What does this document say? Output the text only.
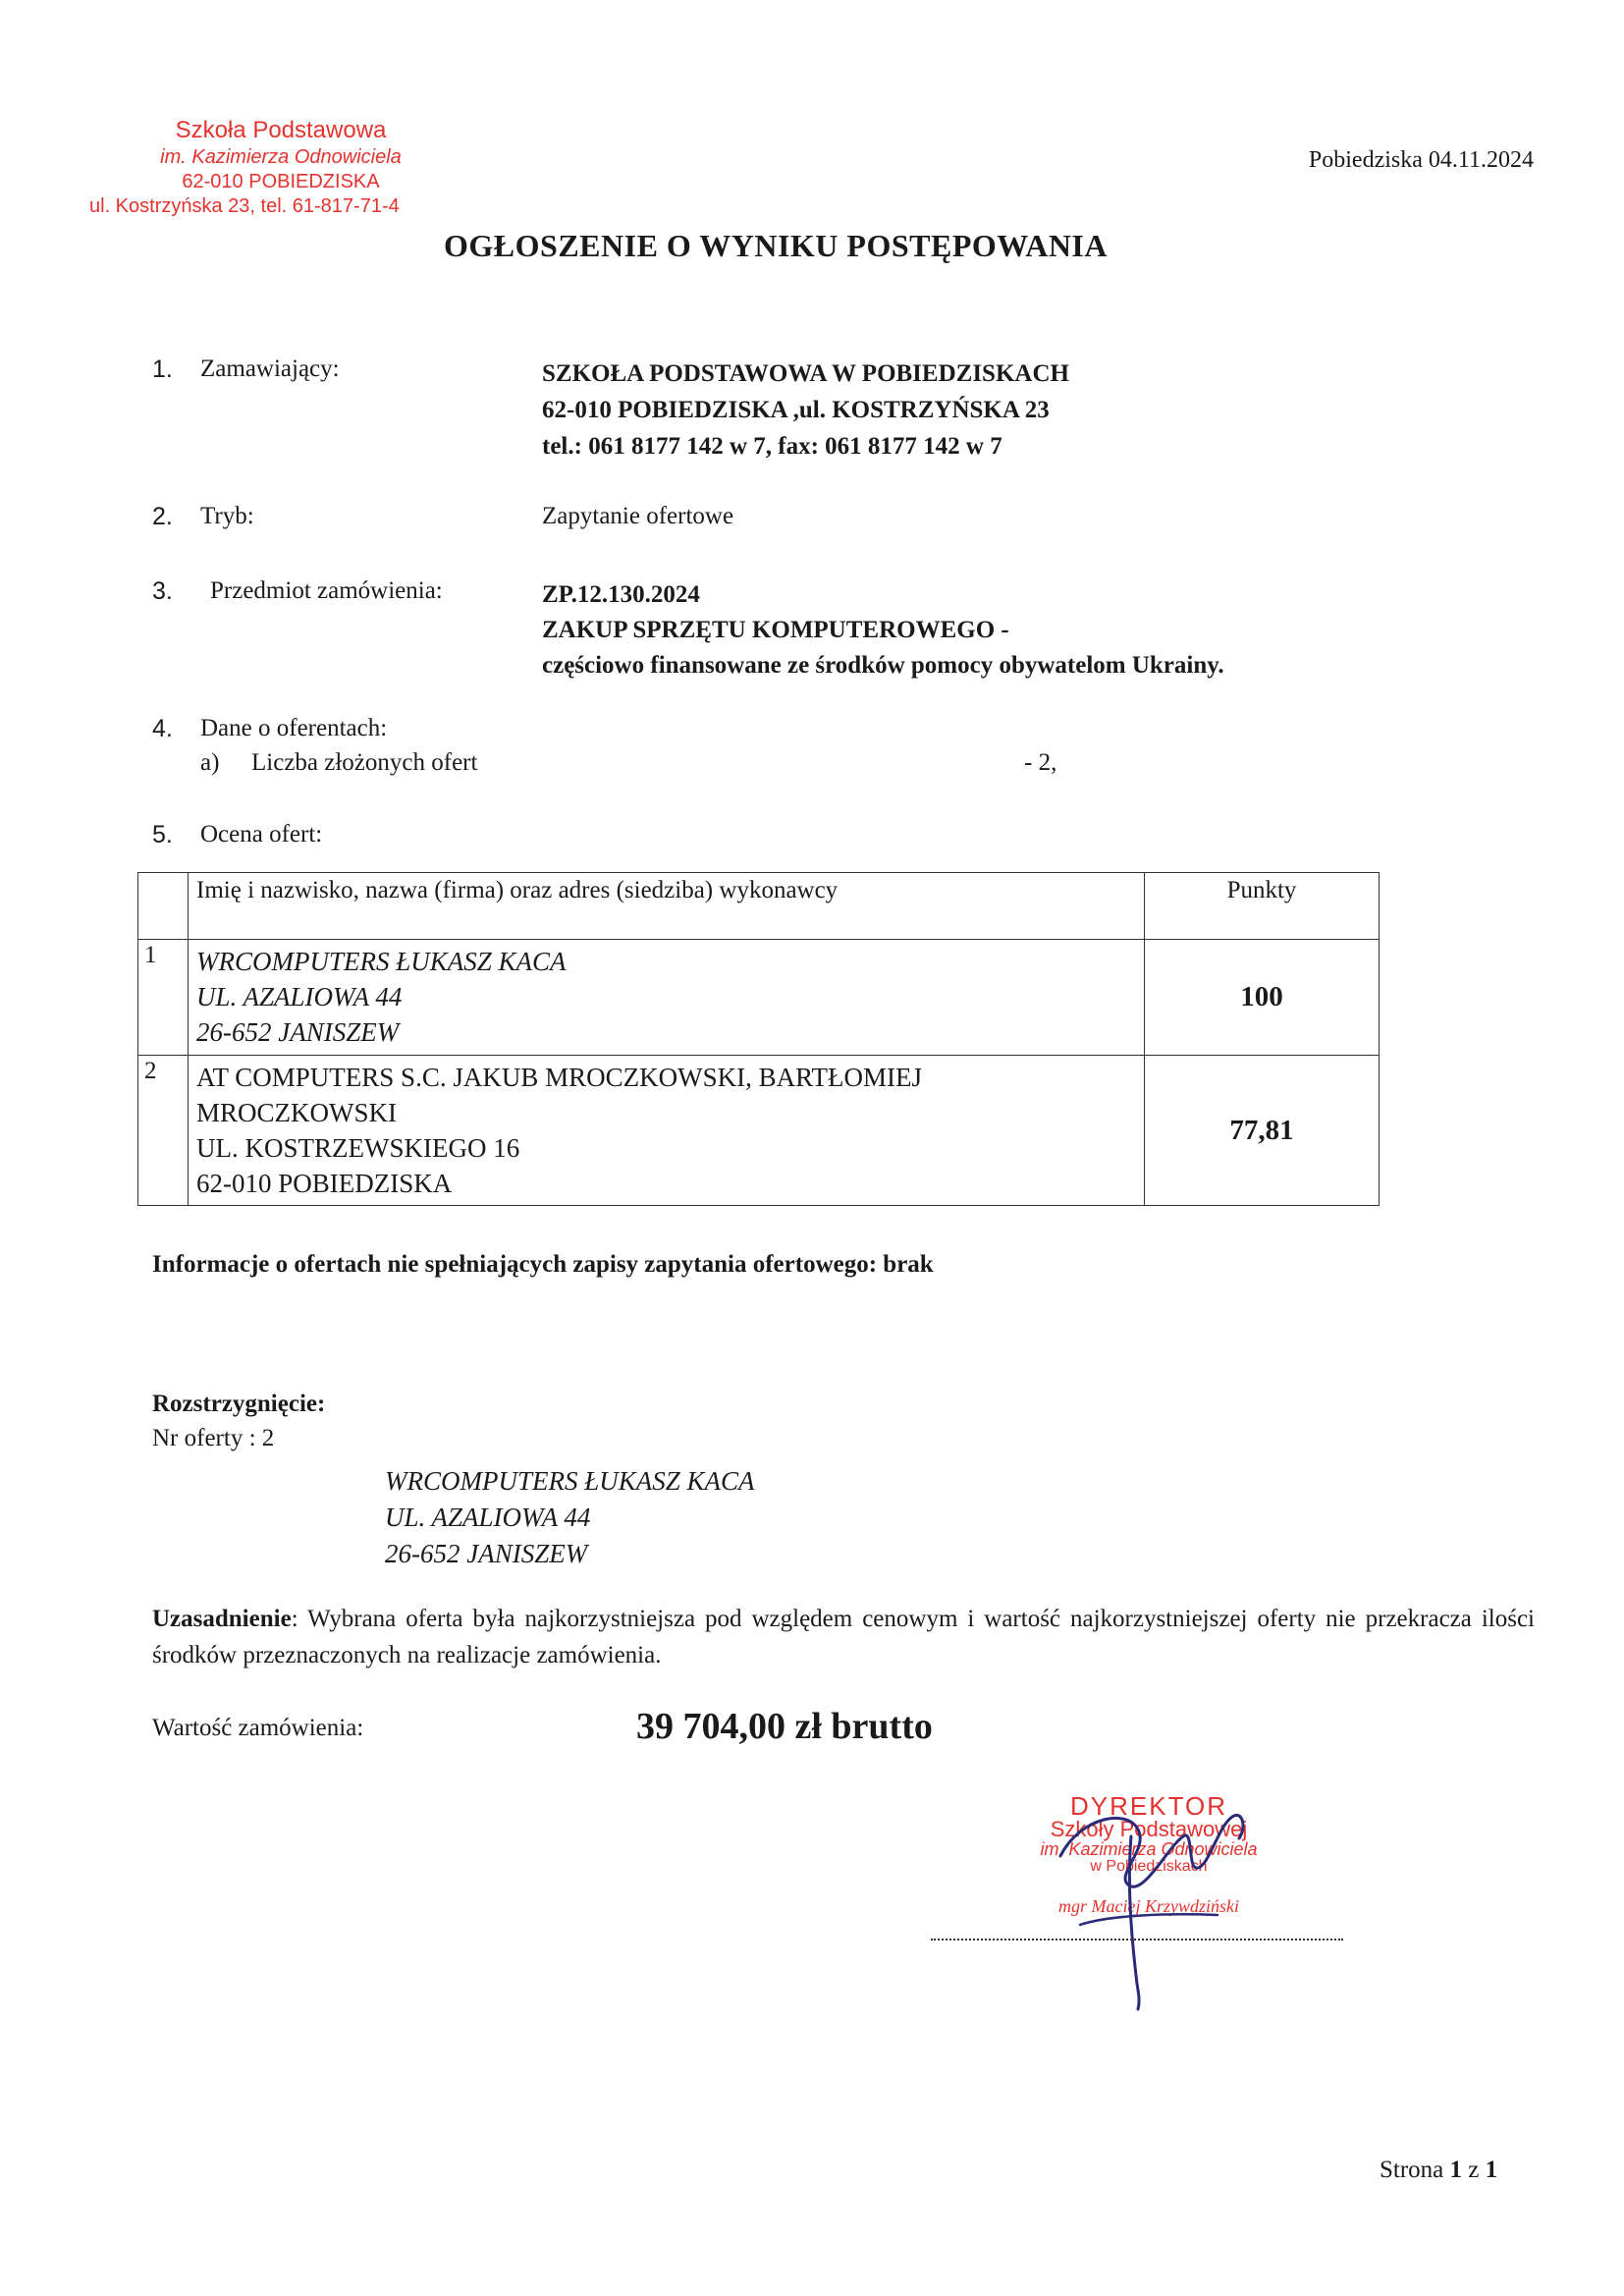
Szkoła Podstawowa
im. Kazimierza Odnowiciela
62-010 POBIEDZISKA
ul. Kostrzyńska 23, tel. 61-817-71-4
Pobiedziska 04.11.2024
OGŁOSZENIE O WYNIKU POSTĘPOWANIA
1. Zamawiający:	SZKOŁA PODSTAWOWA W POBIEDZISKACH
62-010 POBIEDZISKA ,ul. KOSTRZYŃSKA 23
tel.: 061 8177 142 w 7, fax: 061 8177 142 w 7
2. Tryb:	Zapytanie ofertowe
3. Przedmiot zamówienia:	ZP.12.130.2024
ZAKUP SPRZĘTU KOMPUTEROWEGO -
częściowo finansowane ze środków pomocy obywatelom Ukrainy.
4. Dane o oferentach:
a) Liczba złożonych ofert	- 2,
5. Ocena ofert:
	Imię i nazwisko, nazwa (firma) oraz adres (siedziba) wykonawcy	Punkty
1	WRCOMPUTERS ŁUKASZ KACA
UL. AZALIOWA 44
26-652 JANISZEW	100
2	AT COMPUTERS S.C. JAKUB MROCZKOWSKI, BARTŁOMIEJ
MROCZKOWSKI
UL. KOSTRZEWSKIEGO 16
62-010 POBIEDZISKA	77,81
Informacje o ofertach nie spełniających zapisy zapytania ofertowego: brak
Rozstrzygnięcie:
Nr oferty : 2
WRCOMPUTERS ŁUKASZ KACA
UL. AZALIOWA 44
26-652 JANISZEW
Uzasadnienie: Wybrana oferta była najkorzystniejsza pod względem cenowym i wartość najkorzystniejszej oferty nie przekracza ilości środków przeznaczonych na realizacje zamówienia.
Wartość zamówienia:	39 704,00 zł brutto
DYREKTOR
Szkoły Podstawowej
im. Kazimierza Odnowiciela
w Pobiedziskach
mgr Maciej Krzywdziński
Strona 1 z 1
